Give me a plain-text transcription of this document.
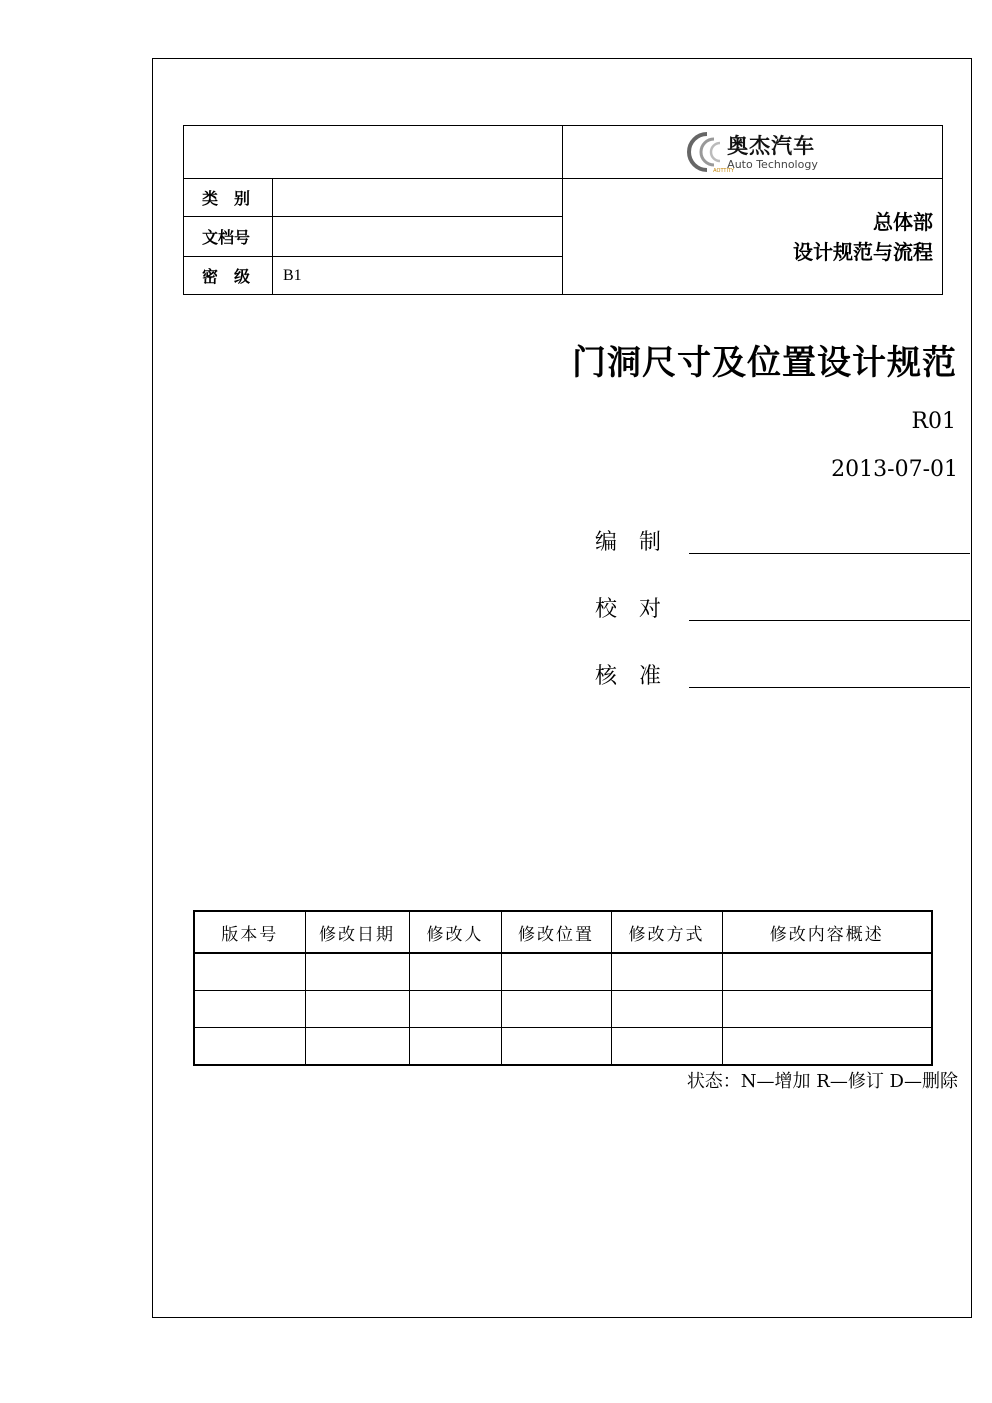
		AOTTITY
奥杰汽车
Auto Technology

类　别		总体部
设计规范与流程

文档号		
密　级	B1	
门洞尺寸及位置设计规范
R01
2013-07-01
编制
校对
核准
版本号	修改日期	修改人	修改位置	修改方式	修改内容概述

状态：N—增加 R—修订 D—删除
